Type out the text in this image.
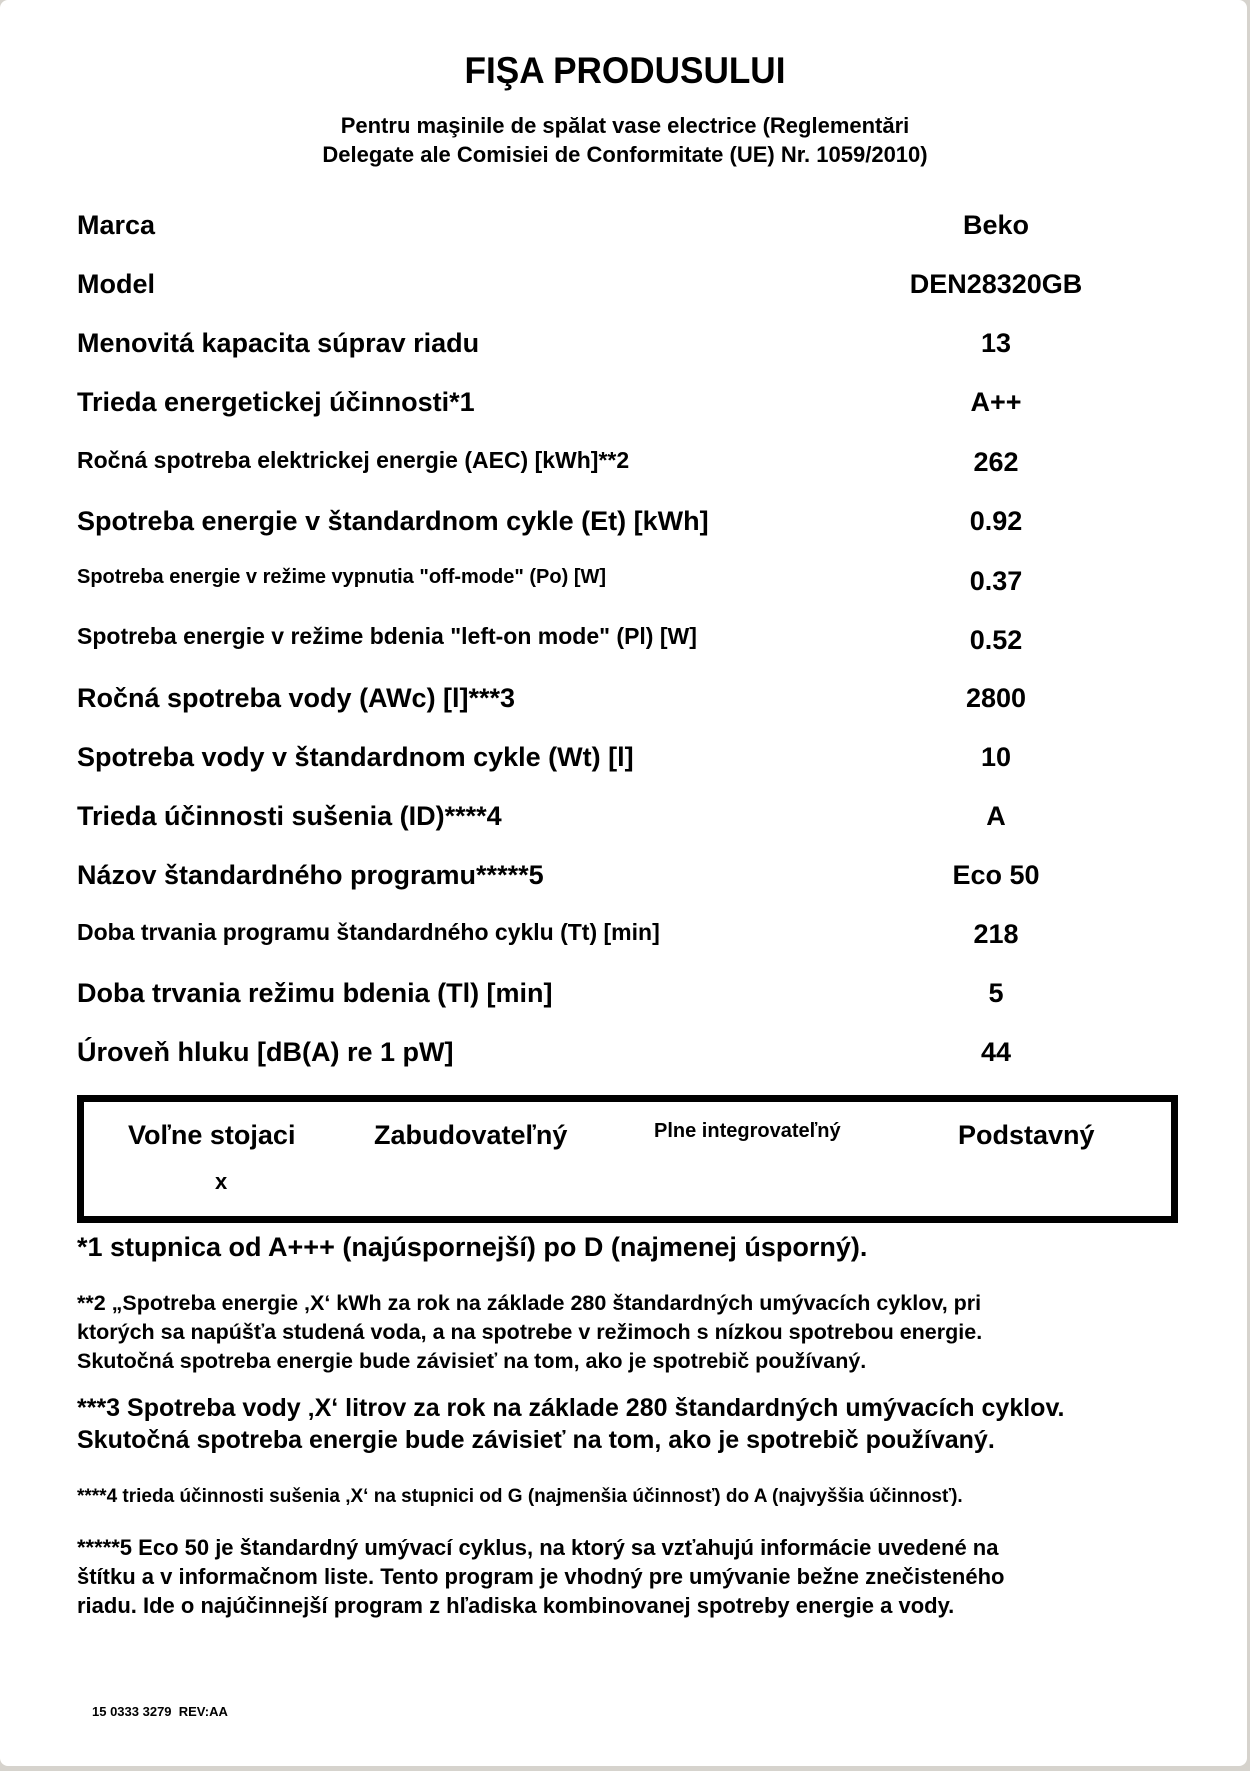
FIŞA PRODUSULUI
Pentru maşinile de spălat vase electrice (Reglementări
Delegate ale Comisiei de Conformitate (UE) Nr. 1059/2010)
Marca	Beko
Model	DEN28320GB
Menovitá kapacita súprav riadu	13
Trieda energetickej účinnosti*1	A++
Ročná spotreba elektrickej energie (AEC) [kWh]**2	262
Spotreba energie v štandardnom cykle (Et) [kWh]	0.92
Spotreba energie v režime vypnutia "off-mode" (Po) [W]	0.37
Spotreba energie v režime bdenia "left-on mode" (Pl) [W]	0.52
Ročná spotreba vody (AWc) [l]***3	2800
Spotreba vody v štandardnom cykle (Wt) [l]	10
Trieda účinnosti sušenia (ID)****4	A
Názov štandardného programu*****5	Eco 50
Doba trvania programu štandardného cyklu (Tt) [min]	218
Doba trvania režimu bdenia (Tl) [min]	5
Úroveň hluku [dB(A) re 1 pW]	44
Voľne stojaci
x
Zabudovateľný	Plne integrovateľný	Podstavný
*1 stupnica od A+++ (najúspornejší) po D (najmenej úsporný).
**2 „Spotreba energie ‚X‘ kWh za rok na základe 280 štandardných umývacích cyklov, pri
ktorých sa napúšťa studená voda, a na spotrebe v režimoch s nízkou spotrebou energie.
Skutočná spotreba energie bude závisieť na tom, ako je spotrebič používaný.
***3 Spotreba vody ‚X‘ litrov za rok na základe 280 štandardných umývacích cyklov.
Skutočná spotreba energie bude závisieť na tom, ako je spotrebič používaný.
****4 trieda účinnosti sušenia ‚X‘ na stupnici od G (najmenšia účinnosť) do A (najvyššia účinnosť).
*****5 Eco 50 je štandardný umývací cyklus, na ktorý sa vzťahujú informácie uvedené na
štítku a v informačnom liste. Tento program je vhodný pre umývanie bežne znečisteného
riadu. Ide o najúčinnejší program z hľadiska kombinovanej spotreby energie a vody.
15 0333 3279  REV:AA
